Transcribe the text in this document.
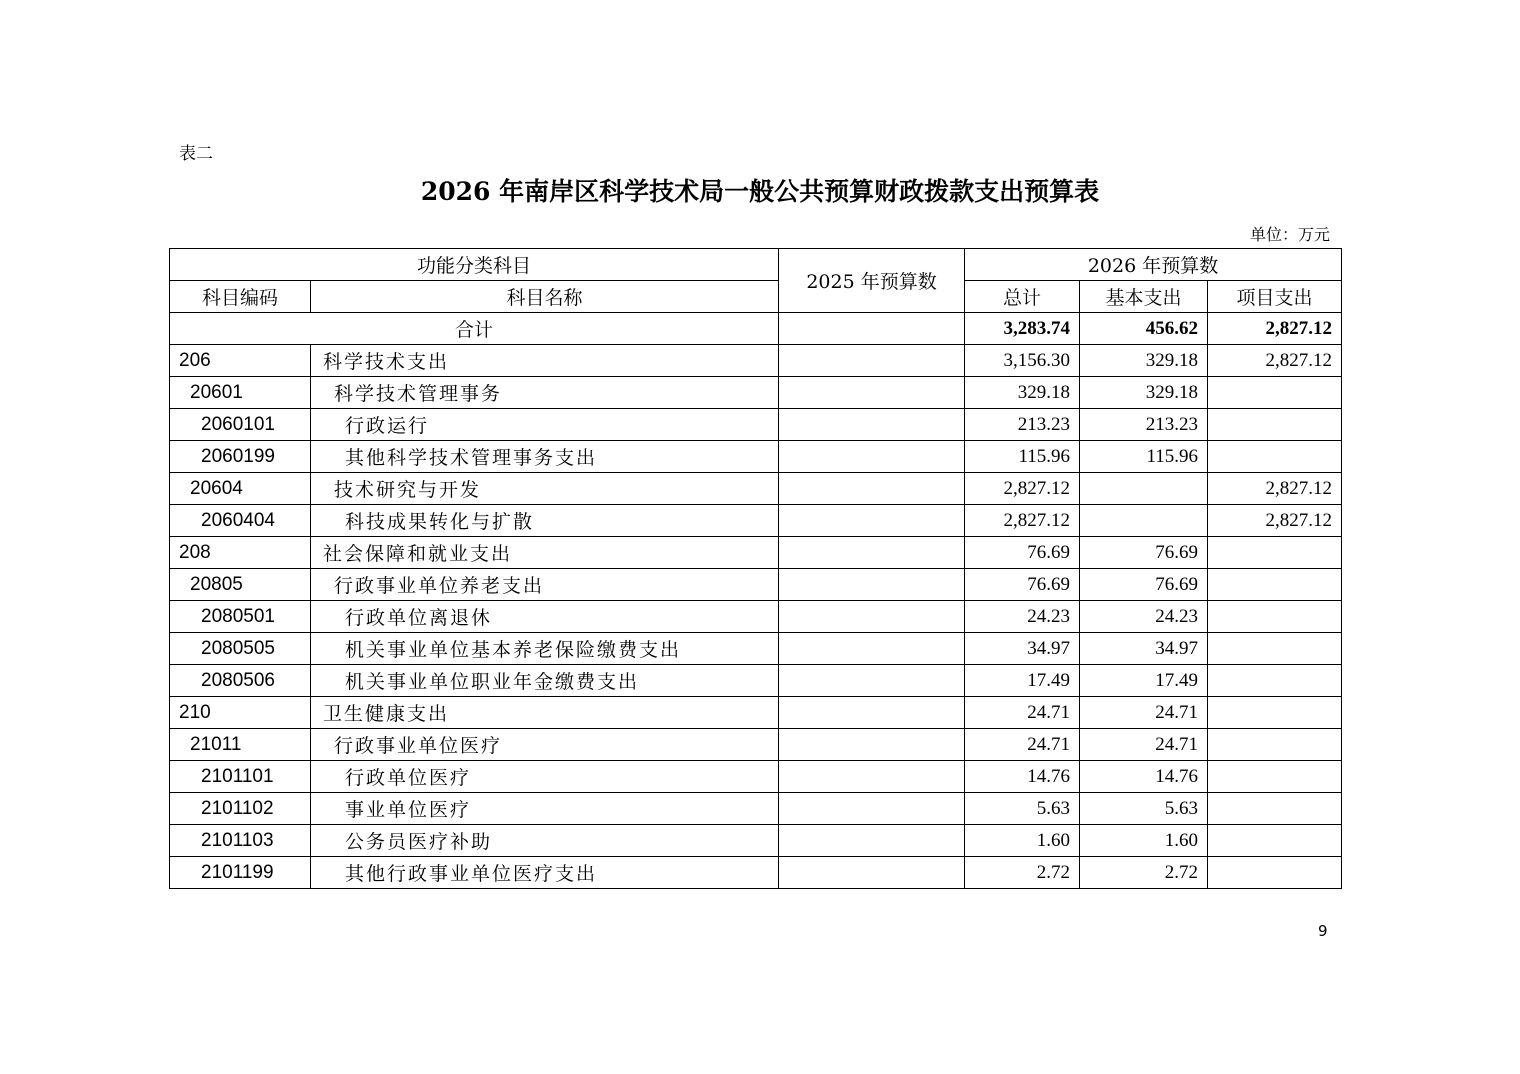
表二
2026 年南岸区科学技术局一般公共预算财政拨款支出预算表
单位：万元
功能分类科目		2025 年预算数	2026 年预算数		
科目编码	科目名称		总计	基本支出	项目支出
合计			3,283.74	456.62	2,827.12
206	科学技术支出		3,156.30	329.18	2,827.12
20601	科学技术管理事务		329.18	329.18	
2060101	行政运行		213.23	213.23	
2060199	其他科学技术管理事务支出		115.96	115.96	
20604	技术研究与开发		2,827.12		2,827.12
2060404	科技成果转化与扩散		2,827.12		2,827.12
208	社会保障和就业支出		76.69	76.69	
20805	行政事业单位养老支出		76.69	76.69	
2080501	行政单位离退休		24.23	24.23	
2080505	机关事业单位基本养老保险缴费支出		34.97	34.97	
2080506	机关事业单位职业年金缴费支出		17.49	17.49	
210	卫生健康支出		24.71	24.71	
21011	行政事业单位医疗		24.71	24.71	
2101101	行政单位医疗		14.76	14.76	
2101102	事业单位医疗		5.63	5.63	
2101103	公务员医疗补助		1.60	1.60	
2101199	其他行政事业单位医疗支出		2.72	2.72	
9
